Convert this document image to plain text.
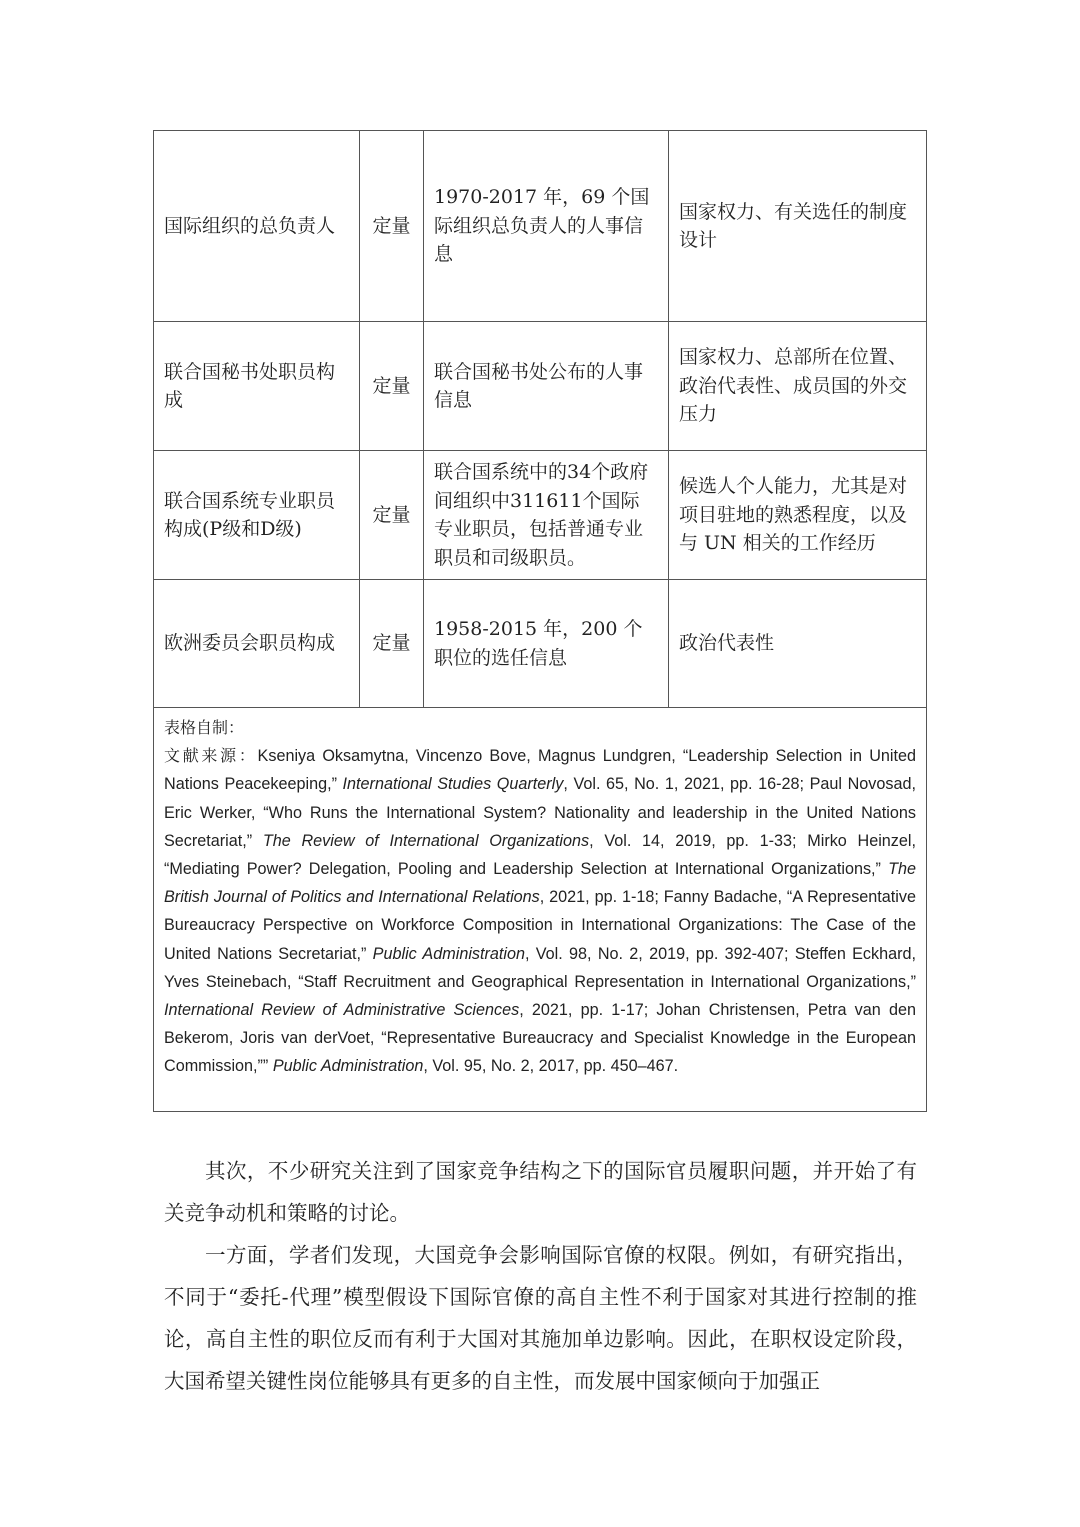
国际组织的总负责人	定量	1970-2017 年，69 个国际组织总负责人的人事信息	国家权力、有关选任的制度设计
联合国秘书处职员构成	定量	联合国秘书处公布的人事信息	国家权力、总部所在位置、政治代表性、成员国的外交压力
联合国系统专业职员构成(P级和D级)	定量	联合国系统中的34个政府间组织中311611个国际专业职员，包括普通专业职员和司级职员。	候选人个人能力，尤其是对项目驻地的熟悉程度，以及与 UN 相关的工作经历
欧洲委员会职员构成	定量	1958-2015 年，200 个职位的选任信息	政治代表性

表格自制：
文献来源：Kseniya Oksamytna, Vincenzo Bove, Magnus Lundgren, “Leadership Selection in United Nations Peacekeeping,” International Studies Quarterly, Vol. 65, No. 1, 2021, pp. 16-28; Paul Novosad, Eric Werker, “Who Runs the International System? Nationality and leadership in the United Nations Secretariat,” The Review of International Organizations, Vol. 14, 2019, pp. 1-33; Mirko Heinzel, “Mediating Power? Delegation, Pooling and Leadership Selection at International Organizations,” The British Journal of Politics and International Relations, 2021, pp. 1-18; Fanny Badache, “A Representative Bureaucracy Perspective on Workforce Composition in International Organizations: The Case of the United Nations Secretariat,” Public Administration, Vol. 98, No. 2, 2019, pp. 392-407; Steffen Eckhard, Yves Steinebach, “Staff Recruitment and Geographical Representation in International Organizations,” International Review of Administrative Sciences, 2021, pp. 1-17; Johan Christensen, Petra van den Bekerom, Joris van derVoet, “Representative Bureaucracy and Specialist Knowledge in the European Commission,”” Public Administration, Vol. 95, No. 2, 2017, pp. 450–467.			

其次，不少研究关注到了国家竞争结构之下的国际官员履职问题，并开始了有关竞争动机和策略的讨论。

一方面，学者们发现，大国竞争会影响国际官僚的权限。例如，有研究指出，不同于“委托-代理”模型假设下国际官僚的高自主性不利于国家对其进行控制的推论，高自主性的职位反而有利于大国对其施加单边影响。因此，在职权设定阶段，大国希望关键性岗位能够具有更多的自主性，而发展中国家倾向于加强正
